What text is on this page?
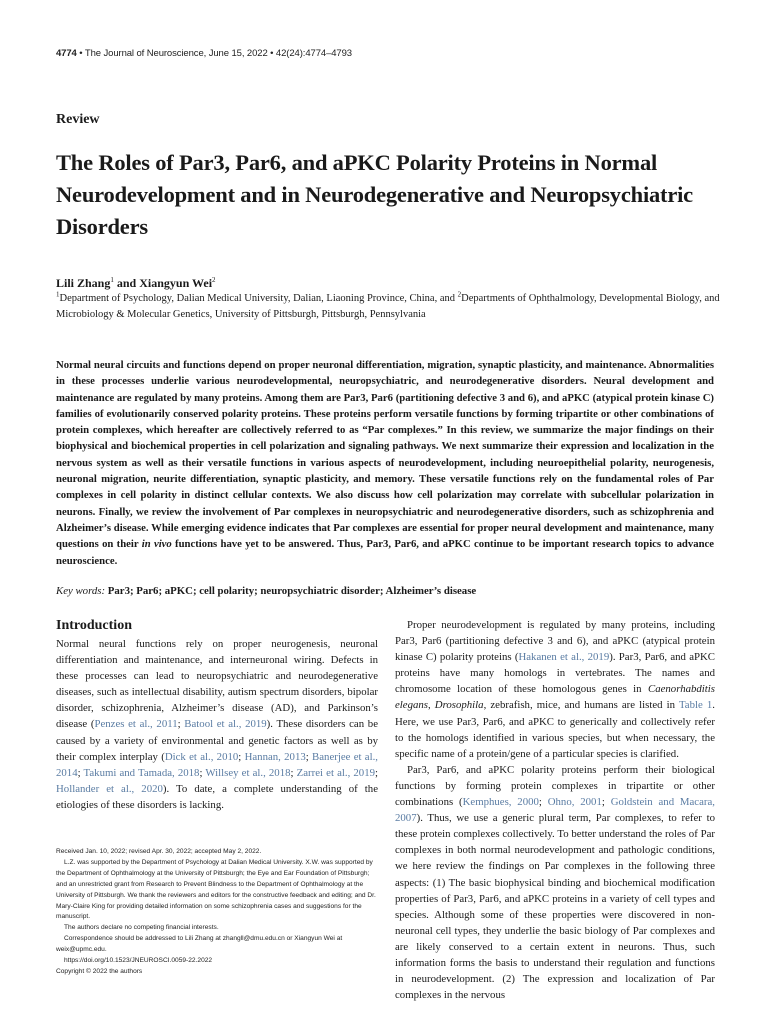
4774 • The Journal of Neuroscience, June 15, 2022 • 42(24):4774–4793
Review
The Roles of Par3, Par6, and aPKC Polarity Proteins in Normal Neurodevelopment and in Neurodegenerative and Neuropsychiatric Disorders
Lili Zhang$^1$ and Xiangyun Wei$^2$
$^1$Department of Psychology, Dalian Medical University, Dalian, Liaoning Province, China, and $^2$Departments of Ophthalmology, Developmental Biology, and Microbiology & Molecular Genetics, University of Pittsburgh, Pittsburgh, Pennsylvania
Normal neural circuits and functions depend on proper neuronal differentiation, migration, synaptic plasticity, and maintenance. Abnormalities in these processes underlie various neurodevelopmental, neuropsychiatric, and neurodegenerative disorders. Neural development and maintenance are regulated by many proteins. Among them are Par3, Par6 (partitioning defective 3 and 6), and aPKC (atypical protein kinase C) families of evolutionarily conserved polarity proteins. These proteins perform versatile functions by forming tripartite or other combinations of protein complexes, which hereafter are collectively referred to as “Par complexes.” In this review, we summarize the major findings on their biophysical and biochemical properties in cell polarization and signaling pathways. We next summarize their expression and localization in the nervous system as well as their versatile functions in various aspects of neurodevelopment, including neuroepithelial polarity, neurogenesis, neuronal migration, neurite differentiation, synaptic plasticity, and memory. These versatile functions rely on the fundamental roles of Par complexes in cell polarity in distinct cellular contexts. We also discuss how cell polarization may correlate with subcellular polarization in neurons. Finally, we review the involvement of Par complexes in neuropsychiatric and neurodegenerative disorders, such as schizophrenia and Alzheimer’s disease. While emerging evidence indicates that Par complexes are essential for proper neural development and maintenance, many questions on their in vivo functions have yet to be answered. Thus, Par3, Par6, and aPKC continue to be important research topics to advance neuroscience.
Key words: Par3; Par6; aPKC; cell polarity; neuropsychiatric disorder; Alzheimer’s disease
Introduction

Normal neural functions rely on proper neurogenesis, neuronal differentiation and maintenance, and interneuronal wiring. Defects in these processes can lead to neuropsychiatric and neurodegenerative diseases, such as intellectual disability, autism spectrum disorders, bipolar disorder, schizophrenia, Alzheimer’s disease (AD), and Parkinson’s disease (Penzes et al., 2011; Batool et al., 2019). These disorders can be caused by a variety of environmental and genetic factors as well as by their complex interplay (Dick et al., 2010; Hannan, 2013; Banerjee et al., 2014; Takumi and Tamada, 2018; Willsey et al., 2018; Zarrei et al., 2019; Hollander et al., 2020). To date, a complete understanding of the etiologies of these disorders is lacking.

Received Jan. 10, 2022; revised Apr. 30, 2022; accepted May 2, 2022.

L.Z. was supported by the Department of Psychology at Dalian Medical University. X.W. was supported by the Department of Ophthalmology at the University of Pittsburgh; the Eye and Ear Foundation of Pittsburgh; and an unrestricted grant from Research to Prevent Blindness to the Department of Ophthalmology at the University of Pittsburgh. We thank the reviewers and editors for the constructive feedback and editing; and Dr. Mary-Claire King for providing detailed information on some schizophrenia cases and suggestions for the manuscript.

The authors declare no competing financial interests.

Correspondence should be addressed to Lili Zhang at zhangll@dmu.edu.cn or Xiangyun Wei at weix@upmc.edu.

https://doi.org/10.1523/JNEUROSCI.0059-22.2022

Copyright © 2022 the authors

Proper neurodevelopment is regulated by many proteins, including Par3, Par6 (partitioning defective 3 and 6), and aPKC (atypical protein kinase C) polarity proteins (Hakanen et al., 2019). Par3, Par6, and aPKC proteins have many homologs in vertebrates. The names and chromosome location of these homologous genes in Caenorhabditis elegans, Drosophila, zebrafish, mice, and humans are listed in Table 1. Here, we use Par3, Par6, and aPKC to generically and collectively refer to the homologs identified in various species, but when necessary, the specific name of a protein/gene of a particular species is clarified.

Par3, Par6, and aPKC polarity proteins perform their biological functions by forming protein complexes in tripartite or other combinations (Kemphues, 2000; Ohno, 2001; Goldstein and Macara, 2007). Thus, we use a generic plural term, Par complexes, to refer to these protein complexes collectively. To better understand the roles of Par complexes in both normal neurodevelopment and pathologic conditions, we here review the findings on Par complexes in the following three aspects: (1) The basic biophysical binding and biochemical modification properties of Par3, Par6, and aPKC proteins in a variety of cell types and species. Although some of these properties were discovered in non-neuronal cell types, they underlie the basic biology of Par complexes and are likely conserved to a certain extent in neurons. Thus, such information forms the basis to understand their regulation and functions in neurodevelopment. (2) The expression and localization of Par complexes in the nervous
